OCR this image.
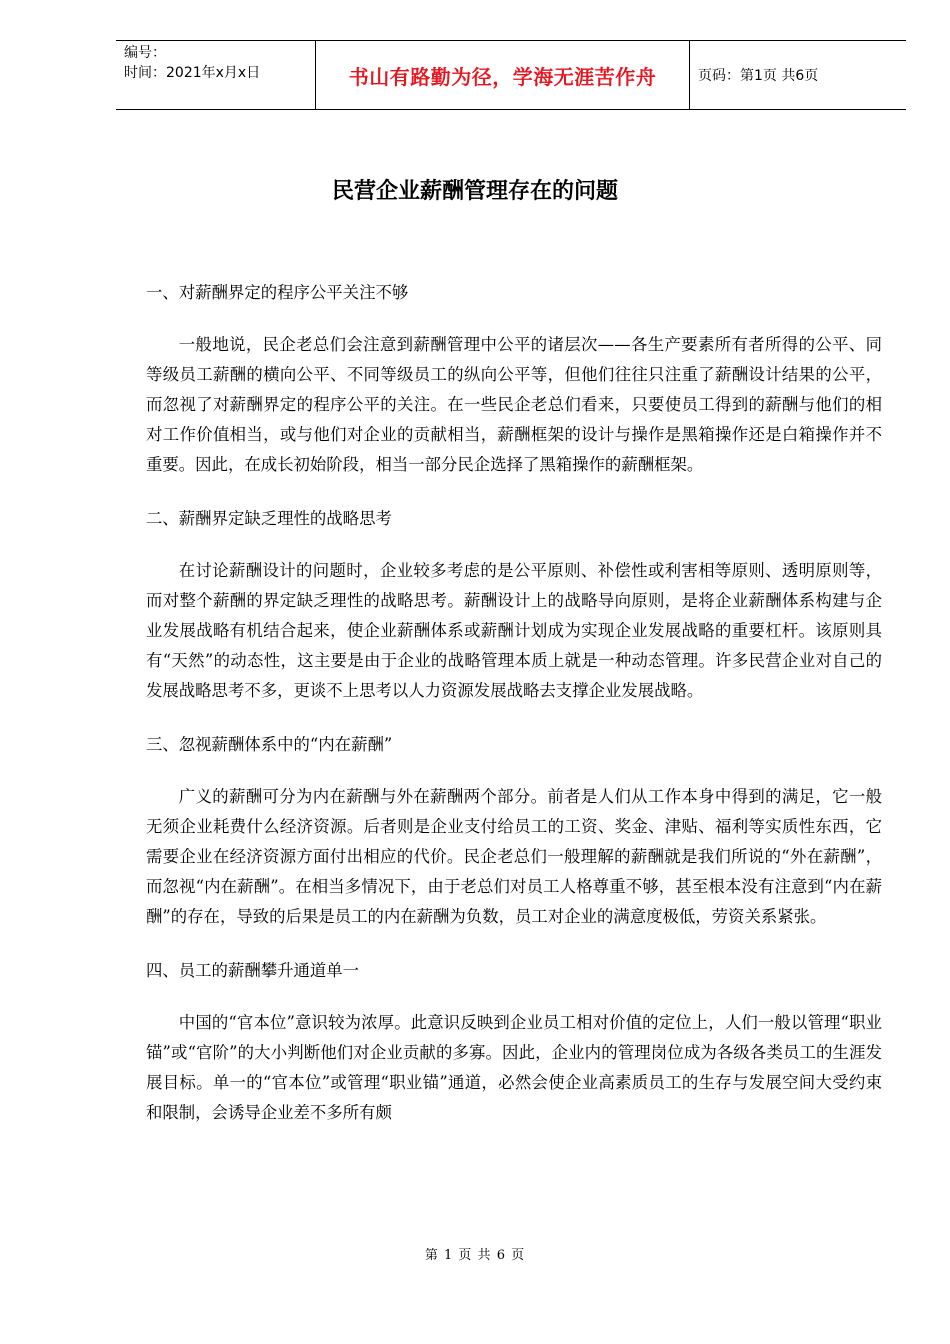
编号：
时间：2021年x月x日	书山有路勤为径，学海无涯苦作舟	页码：第1页 共6页
民营企业薪酬管理存在的问题

一、对薪酬界定的程序公平关注不够

一般地说，民企老总们会注意到薪酬管理中公平的诸层次——各生产要素所有者所得的公平、同等级员工薪酬的横向公平、不同等级员工的纵向公平等，但他们往往只注重了薪酬设计结果的公平，而忽视了对薪酬界定的程序公平的关注。在一些民企老总们看来，只要使员工得到的薪酬与他们的相对工作价值相当，或与他们对企业的贡献相当，薪酬框架的设计与操作是黑箱操作还是白箱操作并不重要。因此，在成长初始阶段，相当一部分民企选择了黑箱操作的薪酬框架。

二、薪酬界定缺乏理性的战略思考

在讨论薪酬设计的问题时，企业较多考虑的是公平原则、补偿性或利害相等原则、透明原则等，而对整个薪酬的界定缺乏理性的战略思考。薪酬设计上的战略导向原则，是将企业薪酬体系构建与企业发展战略有机结合起来，使企业薪酬体系或薪酬计划成为实现企业发展战略的重要杠杆。该原则具有“天然”的动态性，这主要是由于企业的战略管理本质上就是一种动态管理。许多民营企业对自己的发展战略思考不多，更谈不上思考以人力资源发展战略去支撑企业发展战略。

三、忽视薪酬体系中的“内在薪酬”

广义的薪酬可分为内在薪酬与外在薪酬两个部分。前者是人们从工作本身中得到的满足，它一般无须企业耗费什么经济资源。后者则是企业支付给员工的工资、奖金、津贴、福利等实质性东西，它需要企业在经济资源方面付出相应的代价。民企老总们一般理解的薪酬就是我们所说的“外在薪酬”，而忽视“内在薪酬”。在相当多情况下，由于老总们对员工人格尊重不够，甚至根本没有注意到“内在薪酬”的存在，导致的后果是员工的内在薪酬为负数，员工对企业的满意度极低，劳资关系紧张。

四、员工的薪酬攀升通道单一

中国的“官本位”意识较为浓厚。此意识反映到企业员工相对价值的定位上，人们一般以管理“职业锚”或“官阶”的大小判断他们对企业贡献的多寡。因此，企业内的管理岗位成为各级各类员工的生涯发展目标。单一的“官本位”或管理“职业锚”通道，必然会使企业高素质员工的生存与发展空间大受约束和限制，会诱导企业差不多所有颇

第 1 页 共 6 页
